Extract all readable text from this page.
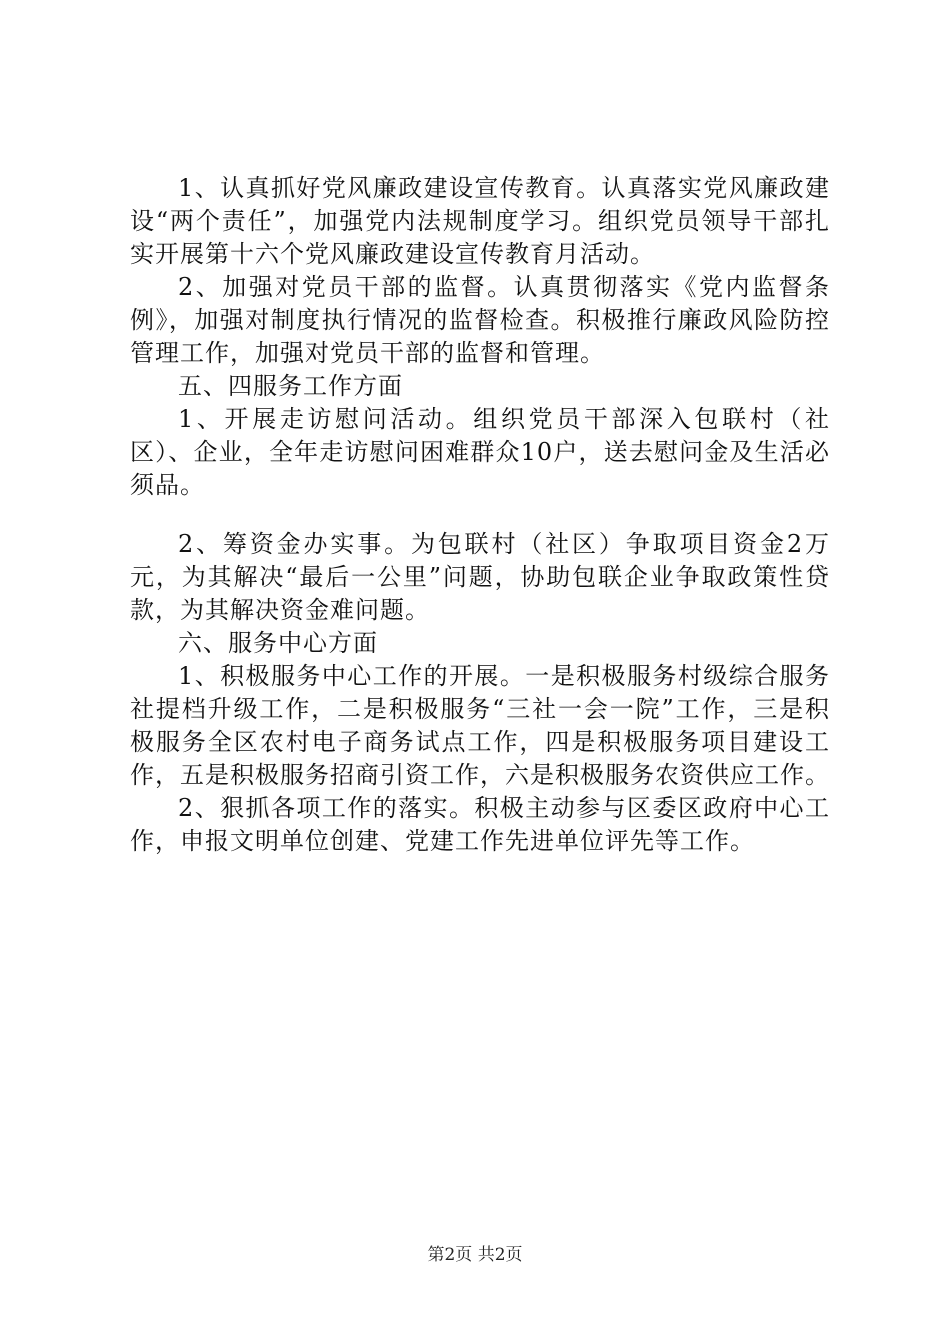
1、认真抓好党风廉政建设宣传教育。认真落实党风廉政建设“两个责任”，加强党内法规制度学习。组织党员领导干部扎实开展第十六个党风廉政建设宣传教育月活动。

2、加强对党员干部的监督。认真贯彻落实《党内监督条例》，加强对制度执行情况的监督检查。积极推行廉政风险防控管理工作，加强对党员干部的监督和管理。

五、四服务工作方面

1、开展走访慰问活动。组织党员干部深入包联村（社区）、企业，全年走访慰问困难群众10户，送去慰问金及生活必须品。

2、筹资金办实事。为包联村（社区）争取项目资金2万元，为其解决“最后一公里”问题，协助包联企业争取政策性贷款，为其解决资金难问题。

六、服务中心方面

1、积极服务中心工作的开展。一是积极服务村级综合服务社提档升级工作，二是积极服务“三社一会一院”工作，三是积极服务全区农村电子商务试点工作，四是积极服务项目建设工作，五是积极服务招商引资工作，六是积极服务农资供应工作。

2、狠抓各项工作的落实。积极主动参与区委区政府中心工作，申报文明单位创建、党建工作先进单位评先等工作。

第2页 共2页
